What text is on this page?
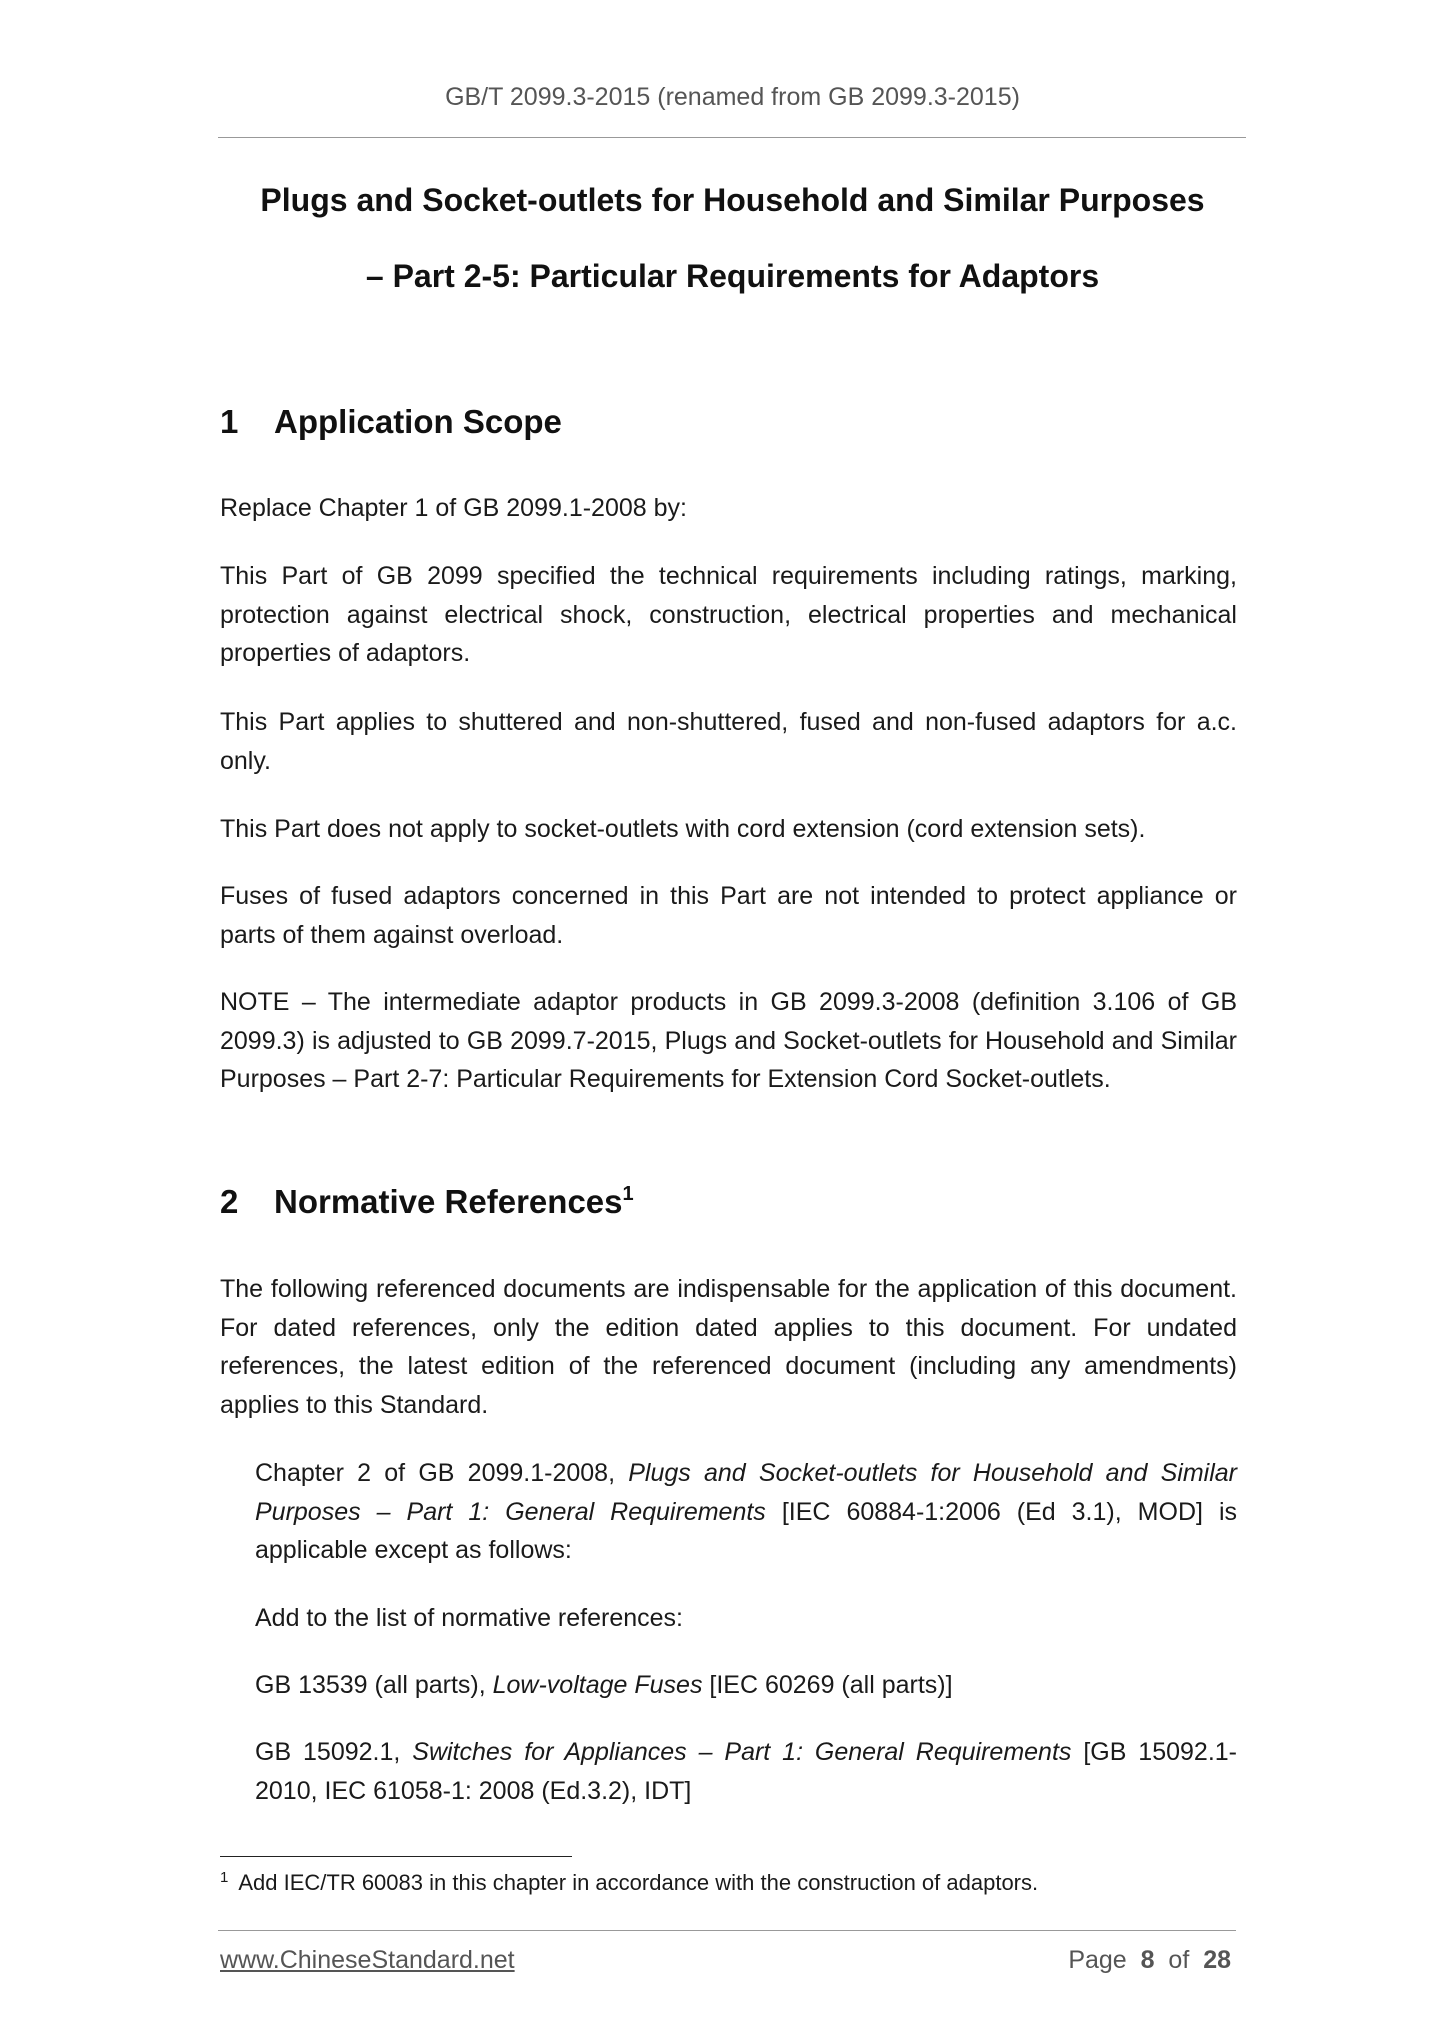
GB/T 2099.3-2015 (renamed from GB 2099.3-2015)
Plugs and Socket-outlets for Household and Similar Purposes
– Part 2-5: Particular Requirements for Adaptors
1 Application Scope
Replace Chapter 1 of GB 2099.1-2008 by:
This Part of GB 2099 specified the technical requirements including ratings, marking, protection against electrical shock, construction, electrical properties and mechanical properties of adaptors.
This Part applies to shuttered and non-shuttered, fused and non-fused adaptors for a.c. only.
This Part does not apply to socket-outlets with cord extension (cord extension sets).
Fuses of fused adaptors concerned in this Part are not intended to protect appliance or parts of them against overload.
NOTE – The intermediate adaptor products in GB 2099.3-2008 (definition 3.106 of GB 2099.3) is adjusted to GB 2099.7-2015, Plugs and Socket-outlets for Household and Similar Purposes – Part 2-7: Particular Requirements for Extension Cord Socket-outlets.
2 Normative References$^1$
The following referenced documents are indispensable for the application of this document. For dated references, only the edition dated applies to this document. For undated references, the latest edition of the referenced document (including any amendments) applies to this Standard.
Chapter 2 of GB 2099.1-2008, Plugs and Socket-outlets for Household and Similar Purposes – Part 1: General Requirements [IEC 60884-1:2006 (Ed 3.1), MOD] is applicable except as follows:
Add to the list of normative references:
GB 13539 (all parts), Low-voltage Fuses [IEC 60269 (all parts)]
GB 15092.1, Switches for Appliances – Part 1: General Requirements [GB 15092.1-2010, IEC 61058-1: 2008 (Ed.3.2), IDT]
$^1$ Add IEC/TR 60083 in this chapter in accordance with the construction of adaptors.
www.ChineseStandard.net	Page 8 of 28
